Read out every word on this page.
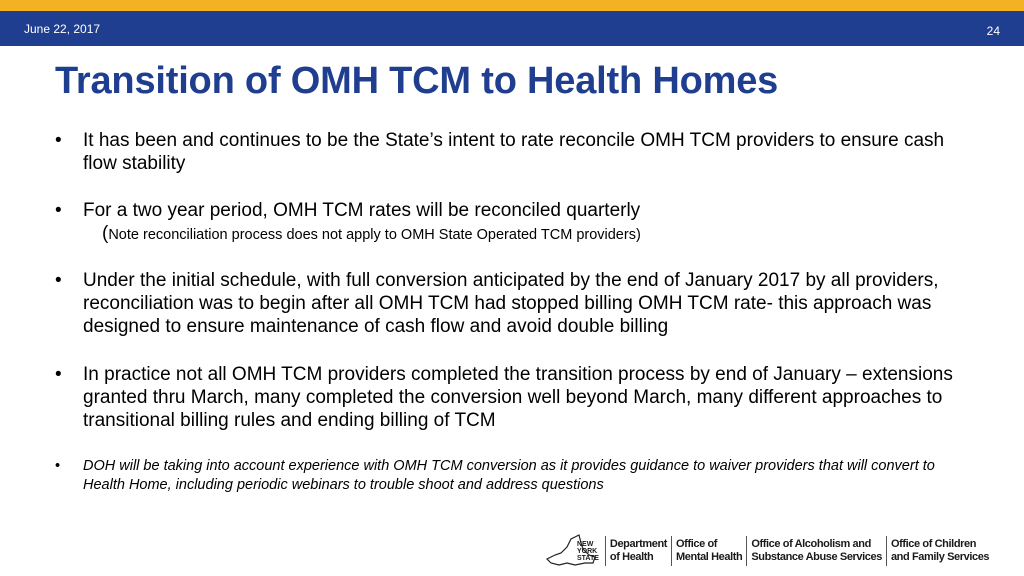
June 22, 2017	24
Transition of OMH TCM to Health Homes
• It has been and continues to be the State’s intent to rate reconcile OMH TCM providers to ensure cash flow stability
• For a two year period, OMH TCM rates will be reconciled quarterly
(Note reconciliation process does not apply to OMH State Operated TCM providers)
• Under the initial schedule, with full conversion anticipated by the end of January 2017 by all providers, reconciliation was to begin after all OMH TCM had stopped billing OMH TCM rate- this approach was designed to ensure maintenance of cash flow and avoid double billing
• In practice not all OMH TCM providers completed the transition process by end of January – extensions granted thru March, many completed the conversion well beyond March, many different approaches to transitional billing rules and ending billing of TCM
• DOH will be taking into account experience with OMH TCM conversion as it provides guidance to waiver providers that will convert to Health Home, including periodic webinars to trouble shoot and address questions
NEW
YORK
STATE
Department
of Health
Office of
Mental Health
Office of Alcoholism and
Substance Abuse Services
Office of Children
and Family Services
